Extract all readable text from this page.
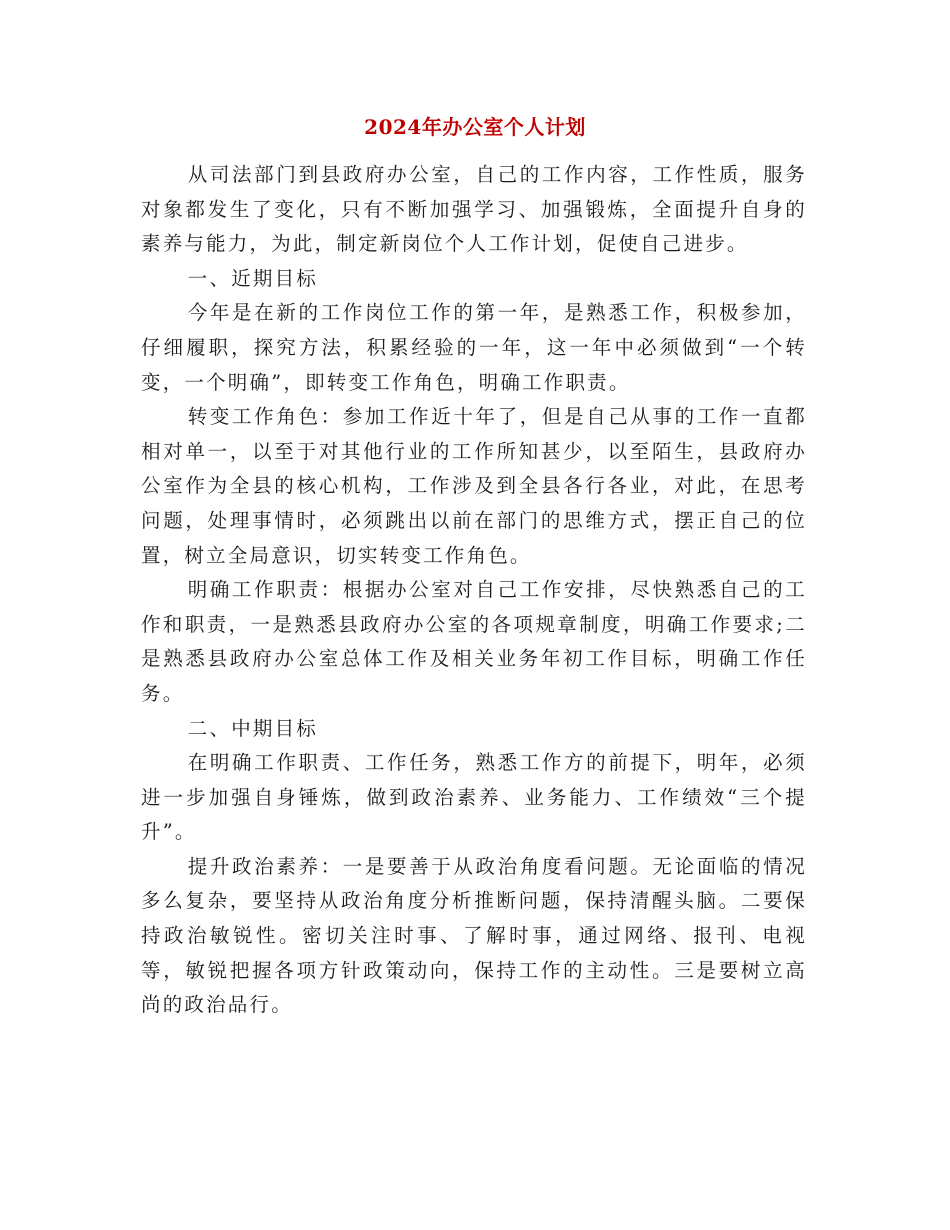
2024年办公室个人计划

从司法部门到县政府办公室，自己的工作内容，工作性质，服务对象都发生了变化，只有不断加强学习、加强锻炼，全面提升自身的素养与能力，为此，制定新岗位个人工作计划，促使自己进步。

一、近期目标

今年是在新的工作岗位工作的第一年，是熟悉工作，积极参加，仔细履职，探究方法，积累经验的一年，这一年中必须做到“一个转变，一个明确”，即转变工作角色，明确工作职责。

转变工作角色：参加工作近十年了，但是自己从事的工作一直都相对单一，以至于对其他行业的工作所知甚少，以至陌生，县政府办公室作为全县的核心机构，工作涉及到全县各行各业，对此，在思考问题，处理事情时，必须跳出以前在部门的思维方式，摆正自己的位置，树立全局意识，切实转变工作角色。

明确工作职责：根据办公室对自己工作安排，尽快熟悉自己的工作和职责，一是熟悉县政府办公室的各项规章制度，明确工作要求;二是熟悉县政府办公室总体工作及相关业务年初工作目标，明确工作任务。

二、中期目标

在明确工作职责、工作任务，熟悉工作方的前提下，明年，必须进一步加强自身锤炼，做到政治素养、业务能力、工作绩效“三个提升”。

提升政治素养：一是要善于从政治角度看问题。无论面临的情况多么复杂，要坚持从政治角度分析推断问题，保持清醒头脑。二要保持政治敏锐性。密切关注时事、了解时事，通过网络、报刊、电视等，敏锐把握各项方针政策动向，保持工作的主动性。三是要树立高尚的政治品行。
